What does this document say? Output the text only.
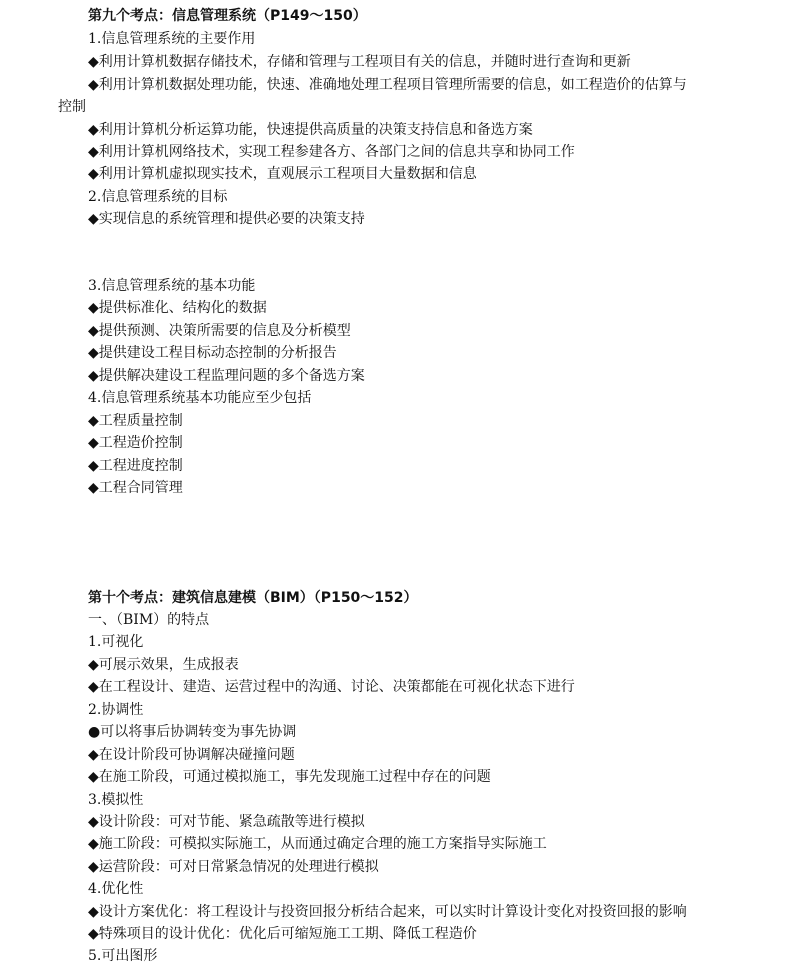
第九个考点：信息管理系统（P149～150）
1.信息管理系统的主要作用
◆利用计算机数据存储技术，存储和管理与工程项目有关的信息，并随时进行查询和更新
◆利用计算机数据处理功能，快速、准确地处理工程项目管理所需要的信息，如工程造价的估算与
控制
◆利用计算机分析运算功能，快速提供高质量的决策支持信息和备选方案
◆利用计算机网络技术，实现工程参建各方、各部门之间的信息共享和协同工作
◆利用计算机虚拟现实技术，直观展示工程项目大量数据和信息
2.信息管理系统的目标
◆实现信息的系统管理和提供必要的决策支持
3.信息管理系统的基本功能
◆提供标准化、结构化的数据
◆提供预测、决策所需要的信息及分析模型
◆提供建设工程目标动态控制的分析报告
◆提供解决建设工程监理问题的多个备选方案
4.信息管理系统基本功能应至少包括
◆工程质量控制
◆工程造价控制
◆工程进度控制
◆工程合同管理
第十个考点：建筑信息建模（BIM）（P150～152）
一、（BIM）的特点
1.可视化
◆可展示效果，生成报表
◆在工程设计、建造、运营过程中的沟通、讨论、决策都能在可视化状态下进行
2.协调性
●可以将事后协调转变为事先协调
◆在设计阶段可协调解决碰撞问题
◆在施工阶段，可通过模拟施工，事先发现施工过程中存在的问题
3.模拟性
◆设计阶段：可对节能、紧急疏散等进行模拟
◆施工阶段：可模拟实际施工，从而通过确定合理的施工方案指导实际施工
◆运营阶段：可对日常紧急情况的处理进行模拟
4.优化性
◆设计方案优化：将工程设计与投资回报分析结合起来，可以实时计算设计变化对投资回报的影响
◆特殊项目的设计优化：优化后可缩短施工工期、降低工程造价
5.可出图形
